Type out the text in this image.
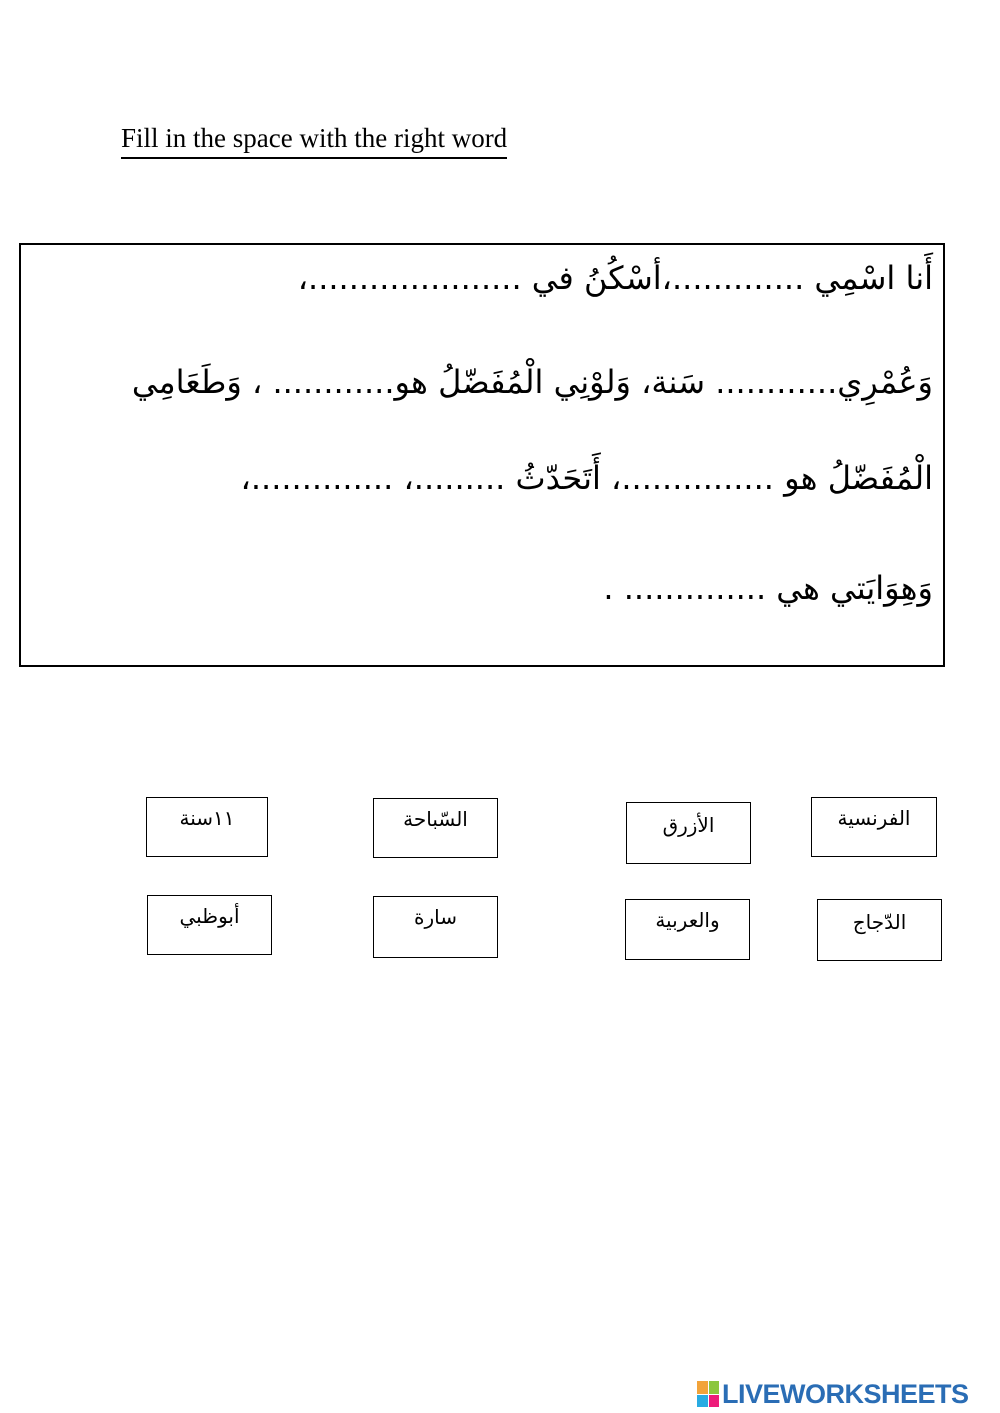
Fill in the space with the right word
أَنا اسْمِي .............،أسْكُنُ في .....................،
وَعُمْرِي............ سَنة، وَلوْنِي الْمُفَضّلُ هو............ ، وَطَعَامِي
الْمُفَضّلُ هو ...............، أَتَحَدّثُ .........، ..............،
وَهِوَايَتي هي .............. .
١١سنة	السّباحة	الأزرق	الفرنسية
أبوظبي	سارة	والعربية	الدّجاج
LIVEWORKSHEETS
